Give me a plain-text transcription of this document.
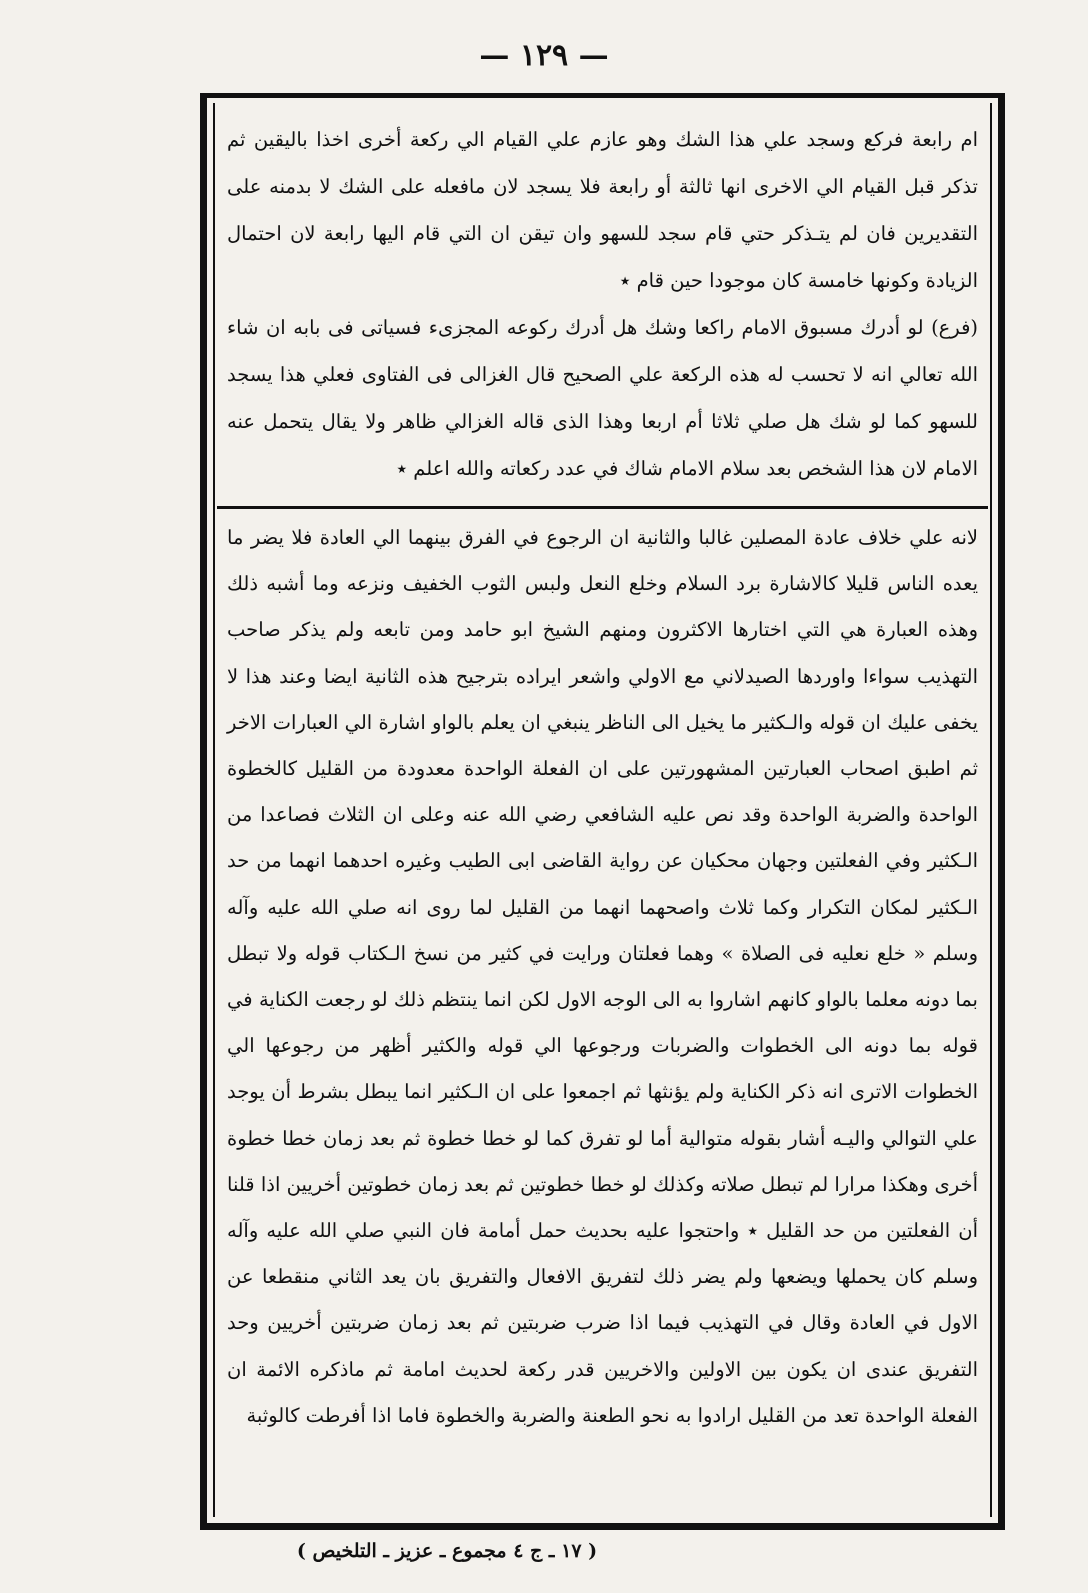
— ١٢٩ —

ام رابعة فركع وسجد علي هذا الشك وهو عازم علي القيام الي ركعة أخرى اخذا باليقين ثم تذكر قبل القيام الي الاخرى انها ثالثة أو رابعة فلا يسجد لان مافعله على الشك لا بدمنه على التقديرين فان لم يتـذكر حتي قام سجد للسهو وان تيقن ان التي قام اليها رابعة لان احتمال الزيادة وكونها خامسة كان موجودا حين قام ٭

(فرع) لو أدرك مسبوق الامام راكعا وشك هل أدرك ركوعه المجزىء فسياتى فى بابه ان شاء الله تعالي انه لا تحسب له هذه الركعة علي الصحيح قال الغزالى فى الفتاوى فعلي هذا يسجد للسهو كما لو شك هل صلي ثلاثا أم اربعا وهذا الذى قاله الغزالي ظاهر ولا يقال يتحمل عنه الامام لان هذا الشخص بعد سلام الامام شاك في عدد ركعاته والله اعلم ٭

لانه علي خلاف عادة المصلين غالبا والثانية ان الرجوع في الفرق بينهما الي العادة فلا يضر ما يعده الناس قليلا كالاشارة برد السلام وخلع النعل ولبس الثوب الخفيف ونزعه وما أشبه ذلك وهذه العبارة هي التي اختارها الاكثرون ومنهم الشيخ ابو حامد ومن تابعه ولم يذكر صاحب التهذيب سواءا واوردها الصيدلاني مع الاولي واشعر ايراده بترجيح هذه الثانية ايضا وعند هذا لا يخفى عليك ان قوله والـكثير ما يخيل الى الناظر ينبغي ان يعلم بالواو اشارة الي العبارات الاخر ثم اطبق اصحاب العبارتين المشهورتين على ان الفعلة الواحدة معدودة من القليل كالخطوة الواحدة والضربة الواحدة وقد نص عليه الشافعي رضي الله عنه وعلى ان الثلاث فصاعدا من الـكثير وفي الفعلتين وجهان محكيان عن رواية القاضى ابى الطيب وغيره احدهما انهما من حد الـكثير لمكان التكرار وكما ثلاث واصحهما انهما من القليل لما روى انه صلي الله عليه وآله وسلم « خلع نعليه فى الصلاة » وهما فعلتان ورايت في كثير من نسخ الـكتاب قوله ولا تبطل بما دونه معلما بالواو كانهم اشاروا به الى الوجه الاول لكن انما ينتظم ذلك لو رجعت الكناية في قوله بما دونه الى الخطوات والضربات ورجوعها الي قوله والكثير أظهر من رجوعها الي الخطوات الاترى انه ذكر الكناية ولم يؤنثها ثم اجمعوا على ان الـكثير انما يبطل بشرط أن يوجد علي التوالي واليـه أشار بقوله متوالية أما لو تفرق كما لو خطا خطوة ثم بعد زمان خطا خطوة أخرى وهكذا مرارا لم تبطل صلاته وكذلك لو خطا خطوتين ثم بعد زمان خطوتين أخريين اذا قلنا أن الفعلتين من حد القليل ٭ واحتجوا عليه بحديث حمل أمامة فان النبي صلي الله عليه وآله وسلم كان يحملها ويضعها ولم يضر ذلك لتفريق الافعال والتفريق بان يعد الثاني منقطعا عن الاول في العادة وقال في التهذيب فيما اذا ضرب ضربتين ثم بعد زمان ضربتين أخريين وحد التفريق عندى ان يكون بين الاولين والاخريين قدر ركعة لحديث امامة ثم ماذكره الائمة ان الفعلة الواحدة تعد من القليل ارادوا به نحو الطعنة والضربة والخطوة فاما اذا أفرطت كالوثبة

( ١٧ ـ ج ٤ مجموع ـ عزيز ـ التلخيص )
